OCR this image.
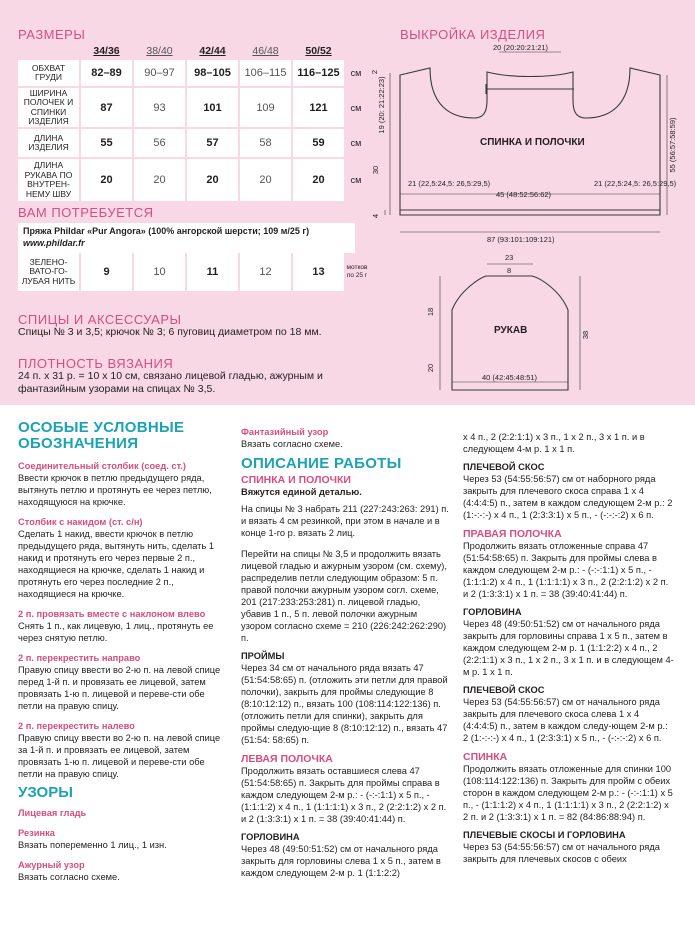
РАЗМЕРЫ
	34/36	38/40	42/44	46/48	50/52	
ОБХВАТ ГРУДИ	82–89	90–97	98–105	106–115	116–125	см
ШИРИНА ПОЛОЧЕК И СПИНКИ ИЗДЕЛИЯ	87	93	101	109	121	см
ДЛИНА ИЗДЕЛИЯ	55	56	57	58	59	см
ДЛИНА РУКАВА ПО ВНУТРЕН-НЕМУ ШВУ	20	20	20	20	20	см
ВАМ ПОТРЕБУЕТСЯ
Пряжа Phildar «Pur Angora» (100% ангорской шерсти; 109 м/25 г)
www.phildar.fr
ЗЕЛЕНО-ВАТО-ГО-ЛУБАЯ НИТЬ	9	10	11	12	13	мотков по 25 г
СПИЦЫ И АКСЕССУАРЫ
Спицы № 3 и 3,5; крючок № 3; 6 пуговиц диаметром по 18 мм.
ПЛОТНОСТЬ ВЯЗАНИЯ
24 п. х 31 р. = 10 х 10 см, связано лицевой гладью, ажурным и фантазийным узорами на спицах № 3,5.
ВЫКРОЙКА ИЗДЕЛИЯ
20 (20:20:21:21)
55 (56:57:58:59)
19 (20: 21:22:23)
2
30
4
21 (22,5:24,5: 26,5:29,5)
45 (48:52:56:62)
21 (22,5:24,5: 26,5:29,5)
87 (93:101:109:121)
СПИНКА И ПОЛОЧКИ
23
8
18
20
38
40 (42:45:48:51)
РУКАВ
ОСОБЫЕ УСЛОВНЫЕ ОБОЗНАЧЕНИЯ

Соединительный столбик (соед. ст.)

Ввести крючок в петлю предыдущего ряда, вытянуть петлю и протянуть ее через петлю, находящуюся на крючке.

Столбик с накидом (ст. с/н)

Сделать 1 накид, ввести крючок в петлю предыдущего ряда, вытянуть нить, сделать 1 накид и протянуть его через первые 2 п., находящиеся на крючке, сделать 1 накид и протянуть его через последние 2 п., находящиеся на крючке.

2 п. провязать вместе с наклоном влево

Снять 1 п., как лицевую, 1 лиц., протянуть ее через снятую петлю.

2 п. перекрестить направо

Правую спицу ввести во 2-ю п. на левой спице перед 1-й п. и провязать ее лицевой, затем провязать 1-ю п. лицевой и переве-сти обе петли на правую спицу.

2 п. перекрестить налево

Правую спицу ввести во 2-ю п. на левой спице за 1-й п. и провязать ее лицевой, затем провязать 1-ю п. лицевой и переве-сти обе петли на правую спицу.

УЗОРЫ

Лицевая гладь

Резинка

Вязать попеременно 1 лиц., 1 изн.

Ажурный узор

Вязать согласно схеме.

Фантазийный узор

Вязать согласно схеме.

ОПИСАНИЕ РАБОТЫ

СПИНКА И ПОЛОЧКИ

Вяжутся единой деталью.

На спицы № 3 набрать 211 (227:243:263: 291) п. и вязать 4 см резинкой, при этом в начале и в конце 1-го р. вязать 2 лиц.

Перейти на спицы № 3,5 и продолжить вязать лицевой гладью и ажурным узором (см. схему), распределив петли следующим образом: 5 п. правой полочки ажурным узором согл. схеме, 201 (217:233:253:281) п. лицевой гладью, убавив 1 п., 5 п. левой полочки ажурным узором согласно схеме = 210 (226:242:262:290) п.

ПРОЙМЫ

Через 34 см от начального ряда вязать 47 (51:54:58:65) п. (отложить эти петли для правой полочки), закрыть для проймы следующие 8 (8:10:12:12) п., вязать 100 (108:114:122:136) п. (отложить петли для спинки), закрыть для проймы следую-щие 8 (8:10:12:12) п., вязать 47 (51:54: 58:65) п.

ЛЕВАЯ ПОЛОЧКА

Продолжить вязать оставшиеся слева 47 (51:54:58:65) п. Закрыть для проймы справа в каждом следующем 2-м р.: - (-:-:1:1) х 5 п., - (1:1:1:2) х 4 п., 1 (1:1:1:1) х 3 п., 2 (2:2:1:2) х 2 п. и 2 (1:3:3:1) х 1 п. = 38 (39:40:41:44) п.

ГОРЛОВИНА

Через 48 (49:50:51:52) см от начального ряда закрыть для горловины слева 1 х 5 п., затем в каждом следующем 2-м р. 1 (1:1:2:2)

х 4 п., 2 (2:2:1:1) х 3 п., 1 х 2 п., 3 х 1 п. и в следующем 4-м р. 1 х 1 п.

ПЛЕЧЕВОЙ СКОС

Через 53 (54:55:56:57) см от наборного ряда закрыть для плечевого скоса справа 1 х 4 (4:4:4:5) п., затем в каждом следующем 2-м р.: 2 (1:-:-:-) х 4 п., 1 (2:3:3:1) х 5 п., - (-:-:-:2) х 6 п.

ПРАВАЯ ПОЛОЧКА

Продолжить вязать отложенные справа 47 (51:54:58:65) п. Закрыть для проймы слева в каждом следующем 2-м р.: - (-:-:1:1) х 5 п., - (1:1:1:2) х 4 п., 1 (1:1:1:1) х 3 п., 2 (2:2:1:2) х 2 п. и 2 (1:3:3:1) х 1 п. = 38 (39:40:41:44) п.

ГОРЛОВИНА

Через 48 (49:50:51:52) см от начального ряда закрыть для горловины справа 1 х 5 п., затем в каждом следующем 2-м р. 1 (1:1:2:2) х 4 п., 2 (2:2:1:1) х 3 п., 1 х 2 п., 3 х 1 п. и в следующем 4-м р. 1 х 1 п.

ПЛЕЧЕВОЙ СКОС

Через 53 (54:55:56:57) см от начального ряда закрыть для плечевого скоса слева 1 х 4 (4:4:4:5) п., затем в каждом следу-ющем 2-м р.: 2 (1:-:-:-) х 4 п., 1 (2:3:3:1) х 5 п., - (-:-:-:2) х 6 п.

СПИНКА

Продолжить вязать отложенные для спинки 100 (108:114:122:136) п. Закрыть для пройм с обеих сторон в каждом следующем 2-м р.: - (-:-:1:1) х 5 п., - (1:1:1:2) х 4 п., 1 (1:1:1:1) х 3 п., 2 (2:2:1:2) х 2 п. и 2 (1:3:3:1) х 1 п. = 82 (84:86:88:94) п.

ПЛЕЧЕВЫЕ СКОСЫ И ГОРЛОВИНА

Через 53 (54:55:56:57) см от начального ряда закрыть для плечевых скосов с обеих
